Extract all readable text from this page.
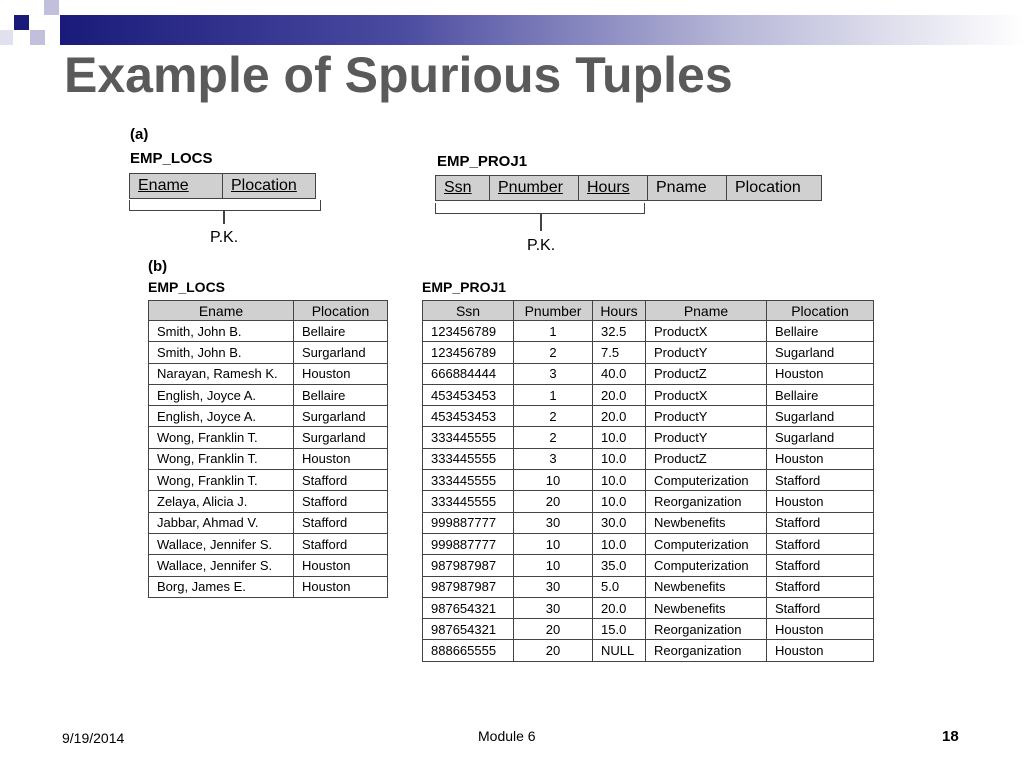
Example of Spurious Tuples
(a)
EMP_LOCS
Ename	Plocation
P.K.
EMP_PROJ1
Ssn	Pnumber	Hours	Pname	Plocation
P.K.
(b)
EMP_LOCS
Ename	Plocation
Smith, John B.	Bellaire
Smith, John B.	Surgarland
Narayan, Ramesh K.	Houston
English, Joyce A.	Bellaire
English, Joyce A.	Surgarland
Wong, Franklin T.	Surgarland
Wong, Franklin T.	Houston
Wong, Franklin T.	Stafford
Zelaya, Alicia J.	Stafford
Jabbar, Ahmad V.	Stafford
Wallace, Jennifer S.	Stafford
Wallace, Jennifer S.	Houston
Borg, James E.	Houston
EMP_PROJ1
Ssn	Pnumber	Hours	Pname	Plocation
123456789	1	32.5	ProductX	Bellaire
123456789	2	7.5	ProductY	Sugarland
666884444	3	40.0	ProductZ	Houston
453453453	1	20.0	ProductX	Bellaire
453453453	2	20.0	ProductY	Sugarland
333445555	2	10.0	ProductY	Sugarland
333445555	3	10.0	ProductZ	Houston
333445555	10	10.0	Computerization	Stafford
333445555	20	10.0	Reorganization	Houston
999887777	30	30.0	Newbenefits	Stafford
999887777	10	10.0	Computerization	Stafford
987987987	10	35.0	Computerization	Stafford
987987987	30	5.0	Newbenefits	Stafford
987654321	30	20.0	Newbenefits	Stafford
987654321	20	15.0	Reorganization	Houston
888665555	20	NULL	Reorganization	Houston
9/19/2014	Module 6	18
